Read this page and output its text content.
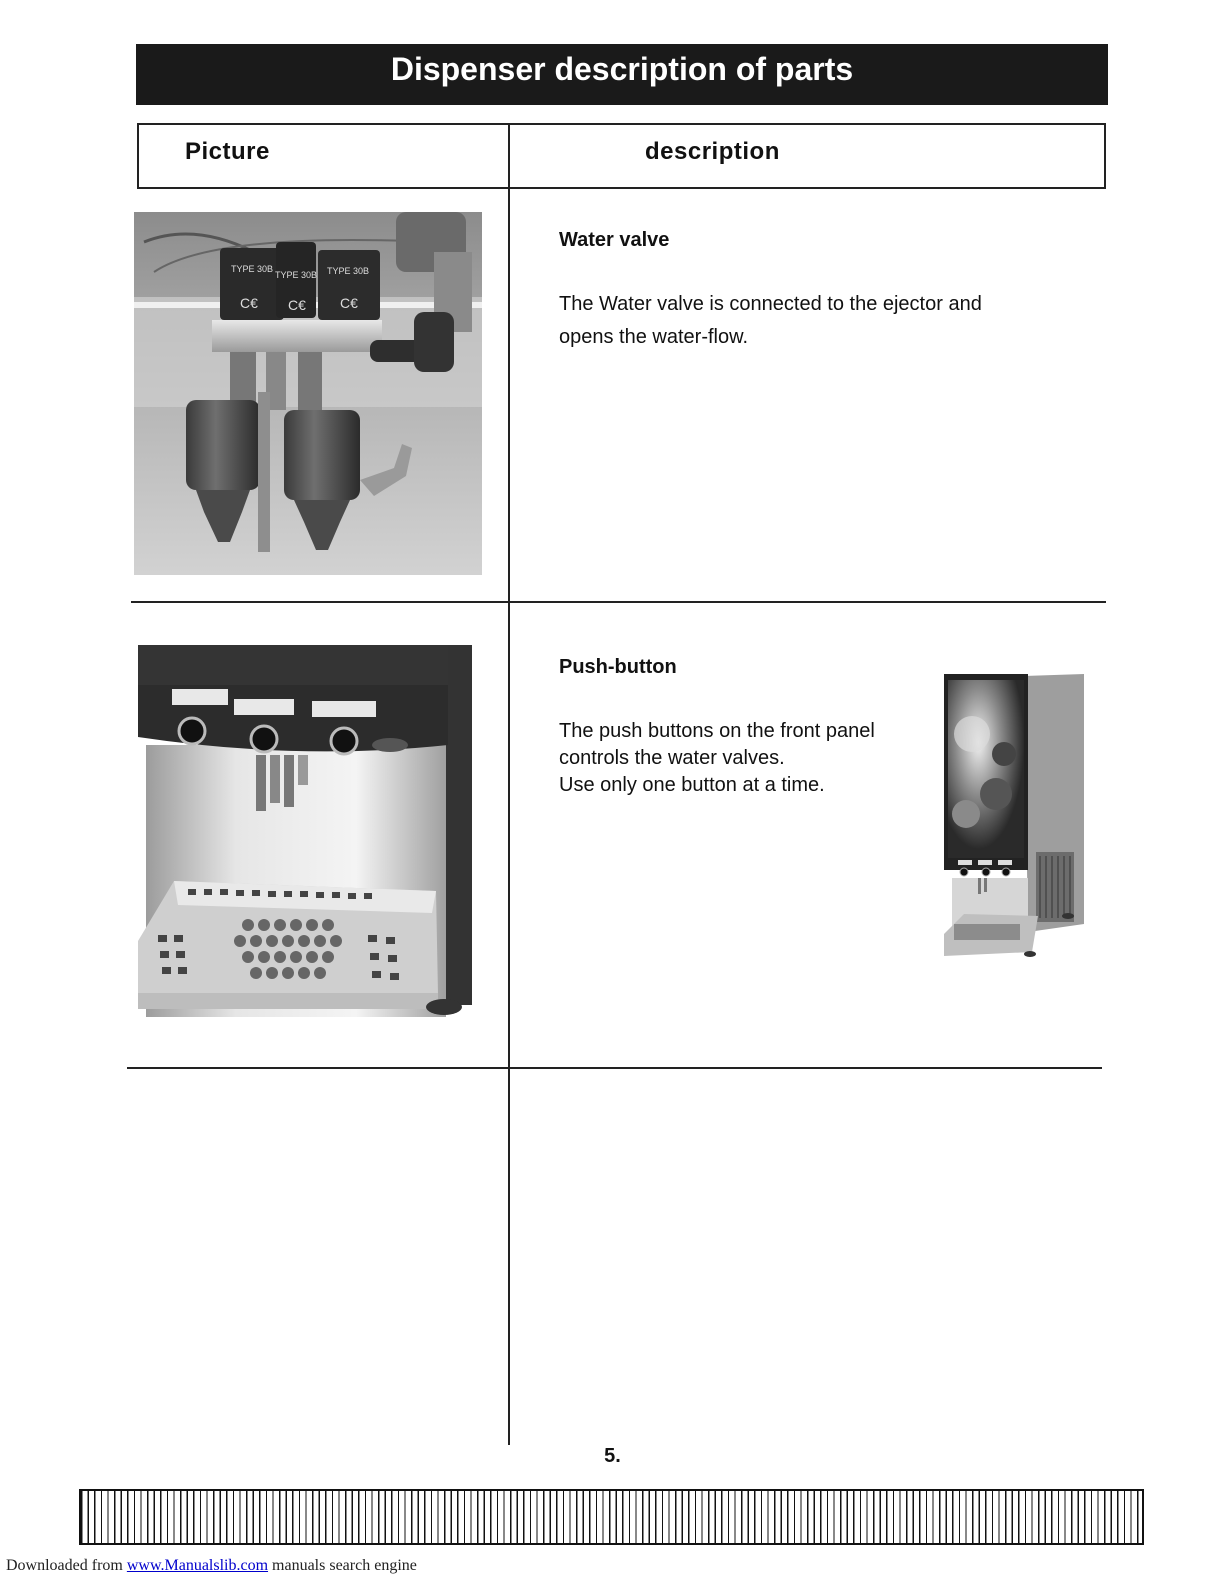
Dispenser description of parts
Picture	description
TYPE 30B
TYPE 30B TYPE 30B
C€ C€ C€
Water valve
The Water valve is connected to the ejector and
opens the water-flow.
Push-button
The push buttons on the front panel
controls the water valves.
Use only one button at a time.
5.
Downloaded from www.Manualslib.com manuals search engine
